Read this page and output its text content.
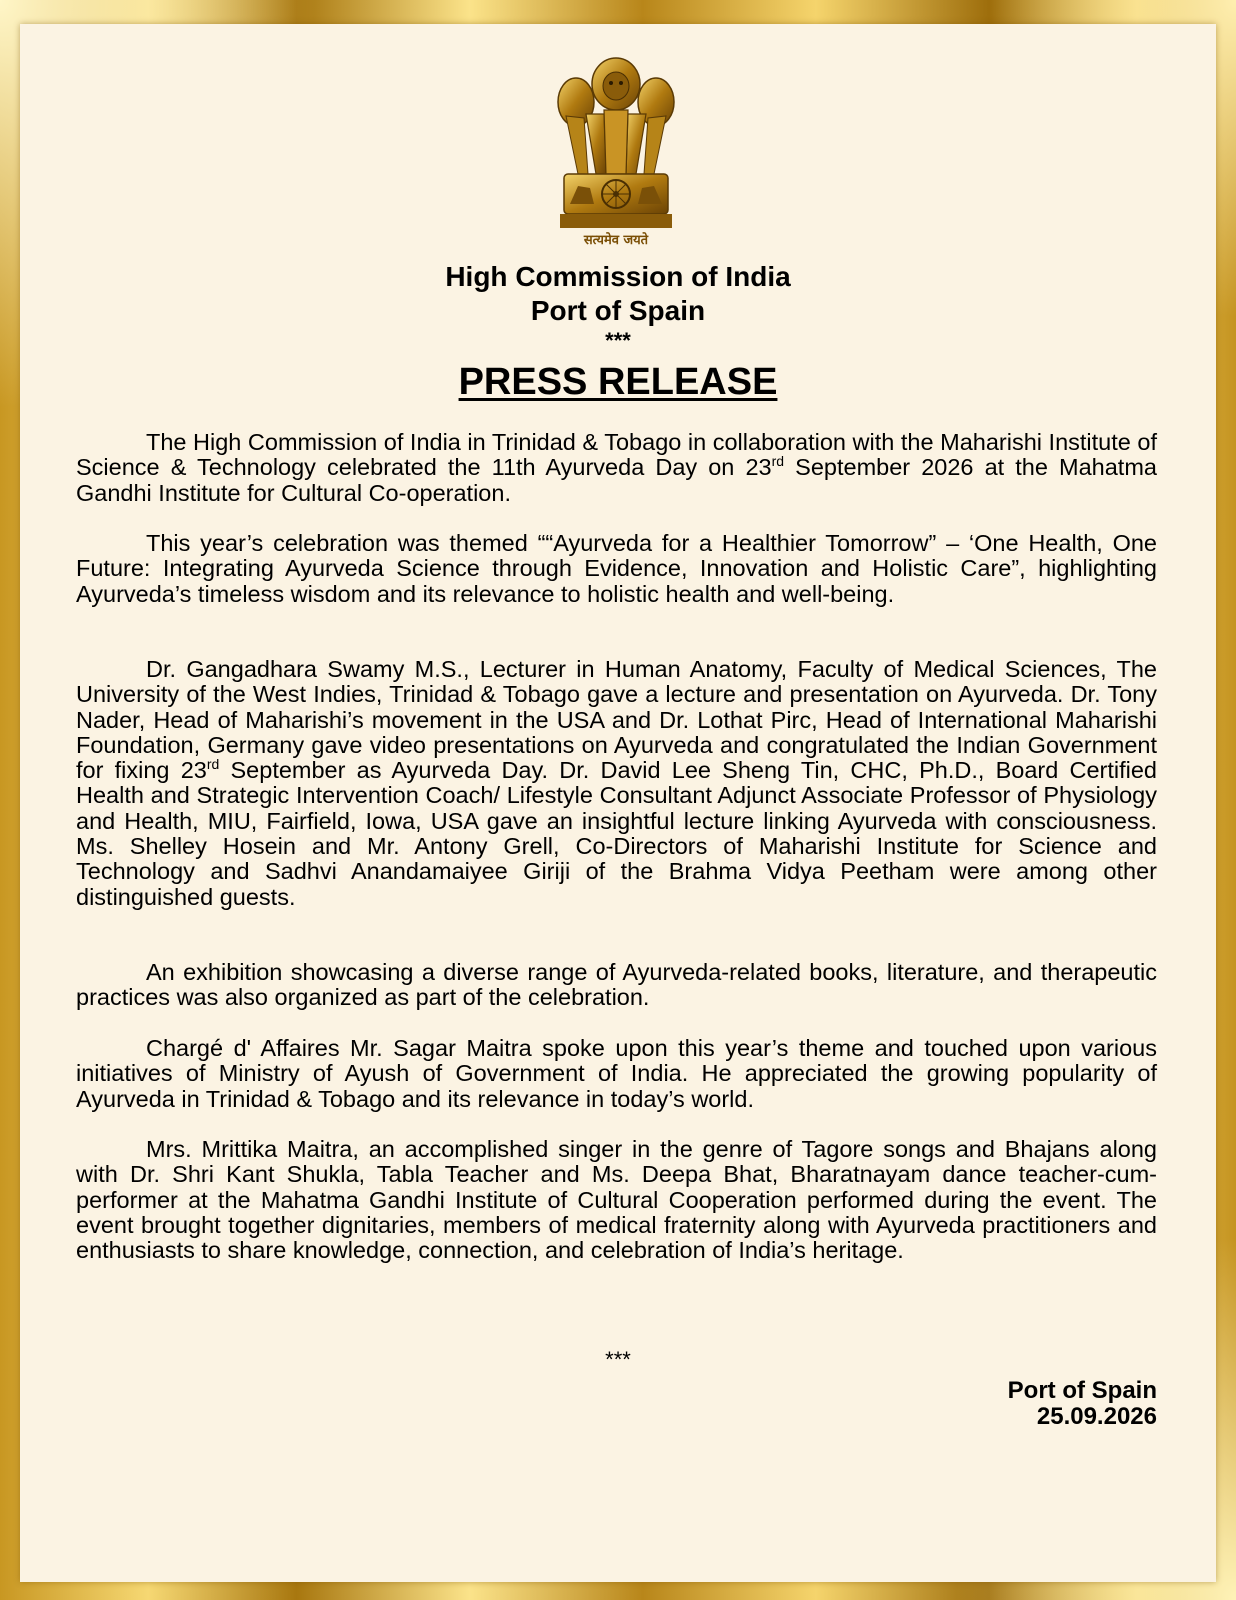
सत्यमेव जयते
High Commission of India
Port of Spain
***
PRESS RELEASE

The High Commission of India in Trinidad & Tobago in collaboration with the Maharishi Institute of Science & Technology celebrated the 11th Ayurveda Day on 23rd September 2026 at the Mahatma Gandhi Institute for Cultural Co-operation.

This year’s celebration was themed ““Ayurveda for a Healthier Tomorrow” – ‘One Health, One Future: Integrating Ayurveda Science through Evidence, Innovation and Holistic Care”, highlighting Ayurveda’s timeless wisdom and its relevance to holistic health and well-being.

Dr. Gangadhara Swamy M.S., Lecturer in Human Anatomy, Faculty of Medical Sciences, The University of the West Indies, Trinidad & Tobago gave a lecture and presentation on Ayurveda. Dr. Tony Nader, Head of Maharishi’s movement in the USA and Dr. Lothat Pirc, Head of International Maharishi Foundation, Germany gave video presentations on Ayurveda and congratulated the Indian Government for fixing 23rd September as Ayurveda Day. Dr. David Lee Sheng Tin, CHC, Ph.D., Board Certified Health and Strategic Intervention Coach/ Lifestyle Consultant Adjunct Associate Professor of Physiology and Health, MIU, Fairfield, Iowa, USA gave an insightful lecture linking Ayurveda with consciousness. Ms. Shelley Hosein and Mr. Antony Grell, Co-Directors of Maharishi Institute for Science and Technology and Sadhvi Anandamaiyee Giriji of the Brahma Vidya Peetham were among other distinguished guests.

An exhibition showcasing a diverse range of Ayurveda-related books, literature, and therapeutic practices was also organized as part of the celebration.

Chargé d' Affaires Mr. Sagar Maitra spoke upon this year’s theme and touched upon various initiatives of Ministry of Ayush of Government of India. He appreciated the growing popularity of Ayurveda in Trinidad & Tobago and its relevance in today’s world.

Mrs. Mrittika Maitra, an accomplished singer in the genre of Tagore songs and Bhajans along with Dr. Shri Kant Shukla, Tabla Teacher and Ms. Deepa Bhat, Bharatnayam dance teacher-cum-performer at the Mahatma Gandhi Institute of Cultural Cooperation performed during the event. The event brought together dignitaries, members of medical fraternity along with Ayurveda practitioners and enthusiasts to share knowledge, connection, and celebration of India’s heritage.

***
Port of Spain
25.09.2026
